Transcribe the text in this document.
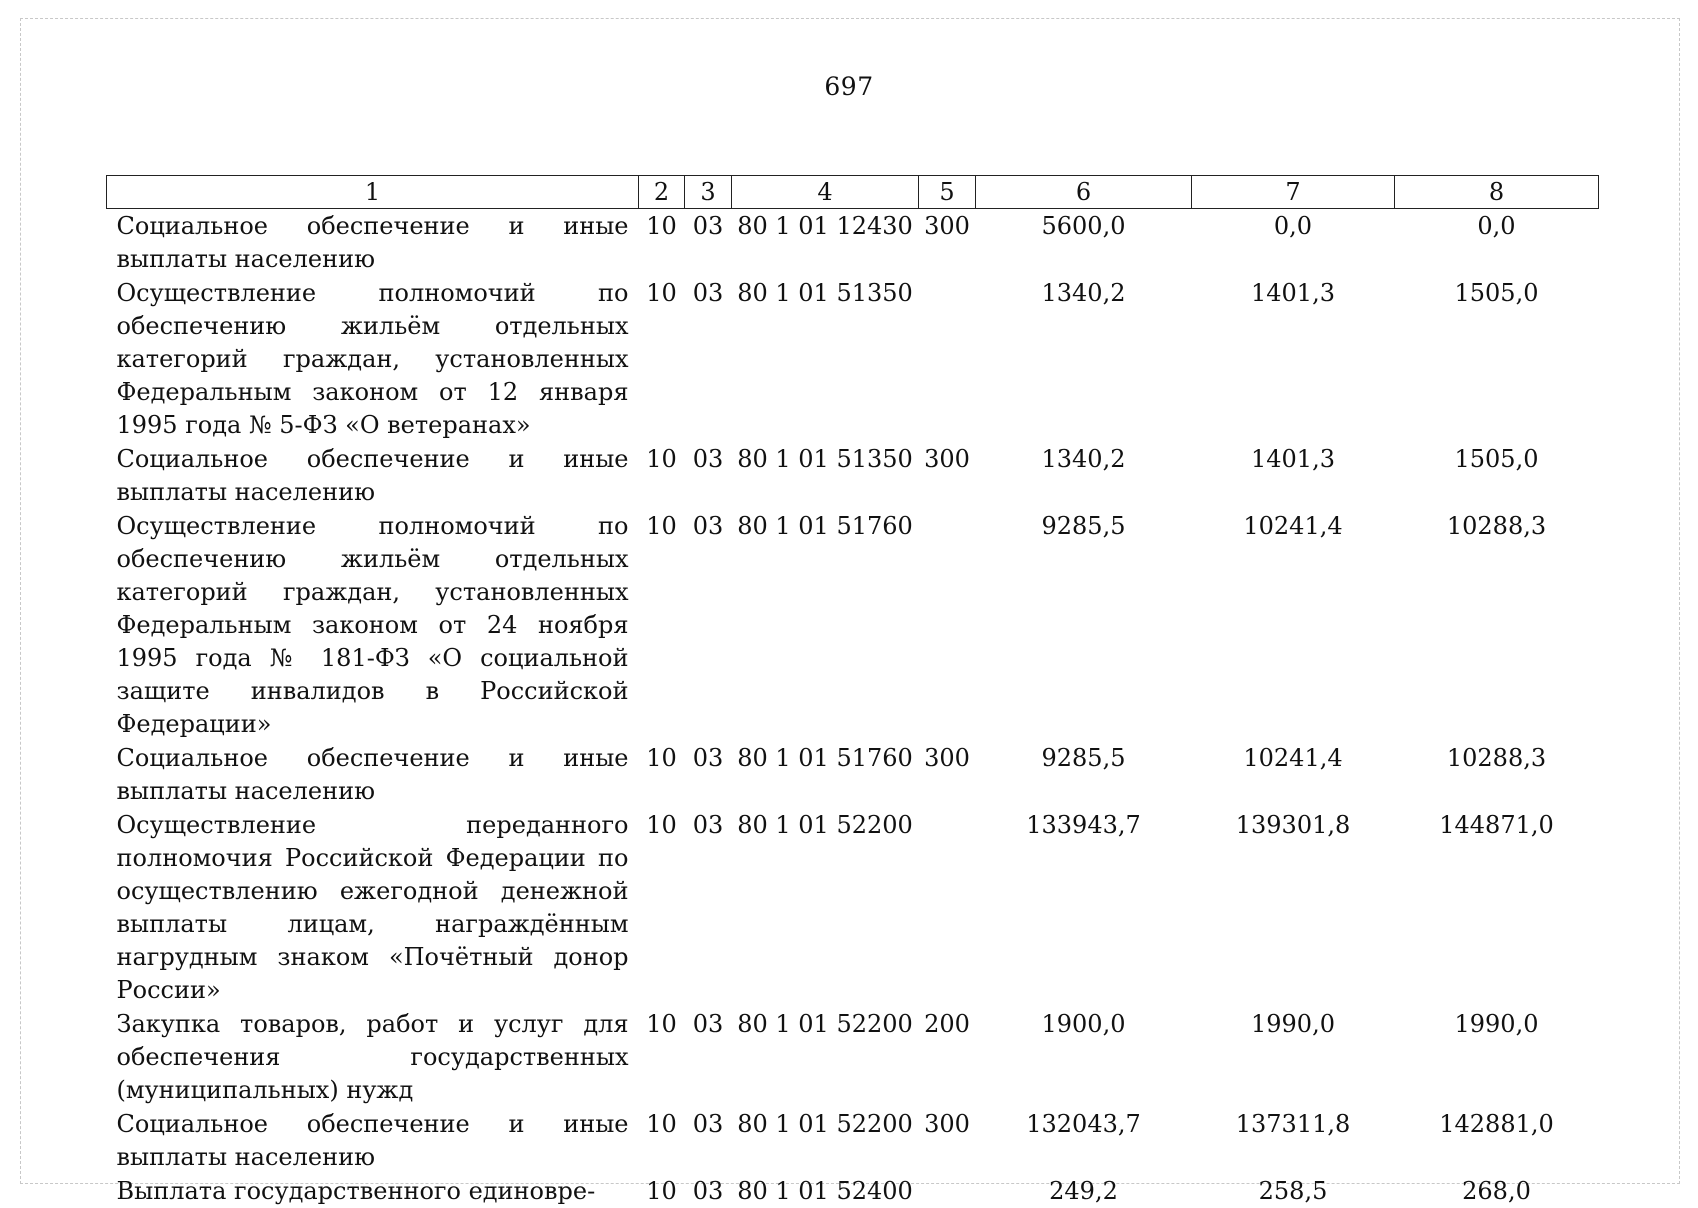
697
1	2	3	4	5	6	7	8
Социальное обеспечение и иные выплаты населению	10	03	80 1 01 12430	300	5600,0	0,0	0,0
Осуществление полномочий по обеспечению жильём отдельных категорий граждан, установленных Федеральным законом от 12 января 1995 года № 5-ФЗ «О ветеранах»	10	03	80 1 01 51350		1340,2	1401,3	1505,0
Социальное обеспечение и иные выплаты населению	10	03	80 1 01 51350	300	1340,2	1401,3	1505,0
Осуществление полномочий по обеспечению жильём отдельных категорий граждан, установленных Федеральным законом от 24 ноября 1995 года № 181-ФЗ «О социальной защите инвалидов в Российской Федерации»	10	03	80 1 01 51760		9285,5	10241,4	10288,3
Социальное обеспечение и иные выплаты населению	10	03	80 1 01 51760	300	9285,5	10241,4	10288,3
Осуществление переданного полномочия Российской Федерации по осуществлению ежегодной денежной выплаты лицам, награждённым нагрудным знаком «Почётный донор России»	10	03	80 1 01 52200		133943,7	139301,8	144871,0
Закупка товаров, работ и услуг для обеспечения государственных (муниципальных) нужд	10	03	80 1 01 52200	200	1900,0	1990,0	1990,0
Социальное обеспечение и иные выплаты населению	10	03	80 1 01 52200	300	132043,7	137311,8	142881,0
Выплата государственного единовре-	10	03	80 1 01 52400		249,2	258,5	268,0
